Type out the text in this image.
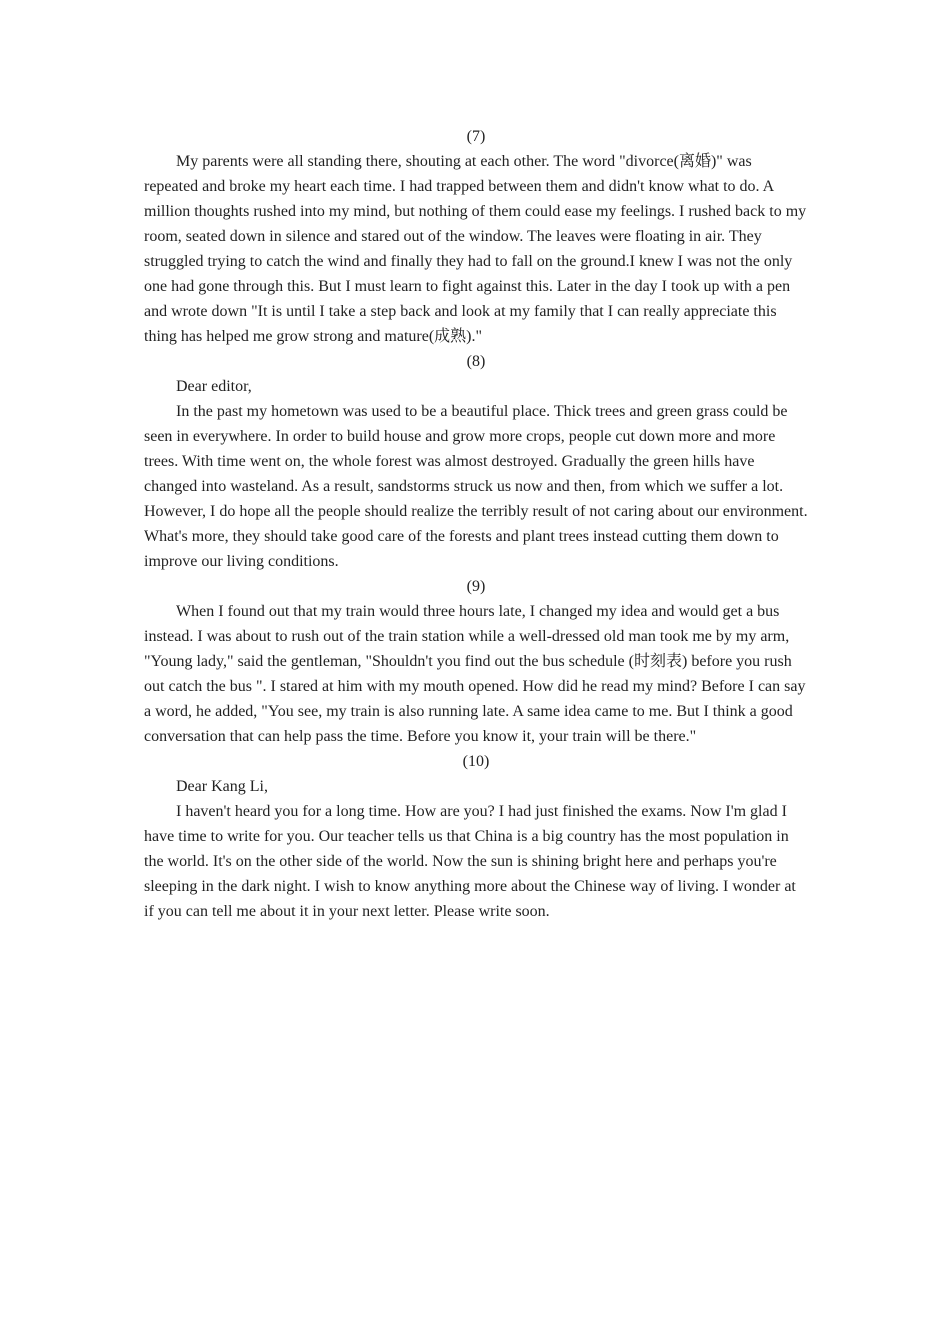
(7)

My parents were all standing there, shouting at each other. The word "divorce(离婚)" was repeated and broke my heart each time. I had trapped between them and didn't know what to do. A million thoughts rushed into my mind, but nothing of them could ease my feelings. I rushed back to my room, seated down in silence and stared out of the window. The leaves were floating in air. They struggled trying to catch the wind and finally they had to fall on the ground.I knew I was not the only one had gone through this. But I must learn to fight against this. Later in the day I took up with a pen and wrote down "It is until I take a step back and look at my family that I can really appreciate this thing has helped me grow strong and mature(成熟)."

(8)

Dear editor,

In the past my hometown was used to be a beautiful place. Thick trees and green grass could be seen in everywhere. In order to build house and grow more crops, people cut down more and more trees. With time went on, the whole forest was almost destroyed. Gradually the green hills have changed into wasteland. As a result, sandstorms struck us now and then, from which we suffer a lot. However, I do hope all the people should realize the terribly result of not caring about our environment. What's more, they should take good care of the forests and plant trees instead cutting them down to improve our living conditions.

(9)

When I found out that my train would three hours late, I changed my idea and would get a bus instead. I was about to rush out of the train station while a well-dressed old man took me by my arm, "Young lady," said the gentleman, "Shouldn't you find out the bus schedule (时刻表) before you rush out catch the bus ". I stared at him with my mouth opened. How did he read my mind? Before I can say a word, he added, "You see, my train is also running late. A same idea came to me. But I think a good conversation that can help pass the time. Before you know it, your train will be there."

(10)

Dear Kang Li,

I haven't heard you for a long time. How are you? I had just finished the exams. Now I'm glad I have time to write for you. Our teacher tells us that China is a big country has the most population in the world. It's on the other side of the world. Now the sun is shining bright here and perhaps you're sleeping in the dark night. I wish to know anything more about the Chinese way of living. I wonder at if you can tell me about it in your next letter. Please write soon.
